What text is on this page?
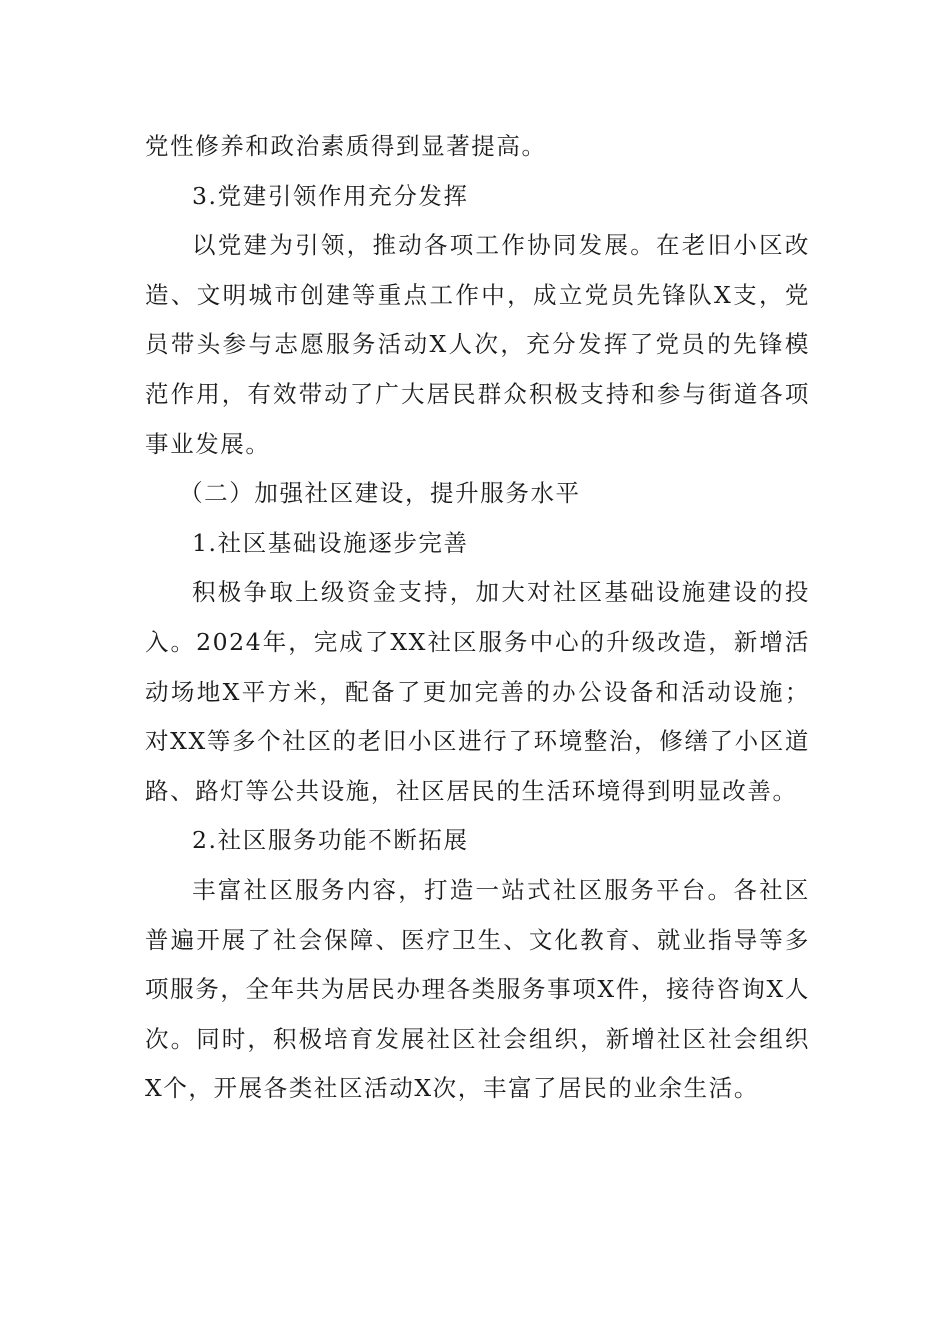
党性修养和政治素质得到显著提高。

3.党建引领作用充分发挥

以党建为引领，推动各项工作协同发展。在老旧小区改造、文明城市创建等重点工作中，成立党员先锋队X支，党员带头参与志愿服务活动X人次，充分发挥了党员的先锋模范作用，有效带动了广大居民群众积极支持和参与街道各项事业发展。

（二）加强社区建设，提升服务水平

1.社区基础设施逐步完善

积极争取上级资金支持，加大对社区基础设施建设的投入。2024年，完成了XX社区服务中心的升级改造，新增活动场地X平方米，配备了更加完善的办公设备和活动设施；对XX等多个社区的老旧小区进行了环境整治，修缮了小区道路、路灯等公共设施，社区居民的生活环境得到明显改善。

2.社区服务功能不断拓展

丰富社区服务内容，打造一站式社区服务平台。各社区普遍开展了社会保障、医疗卫生、文化教育、就业指导等多项服务，全年共为居民办理各类服务事项X件，接待咨询X人次。同时，积极培育发展社区社会组织，新增社区社会组织X个，开展各类社区活动X次，丰富了居民的业余生活。
